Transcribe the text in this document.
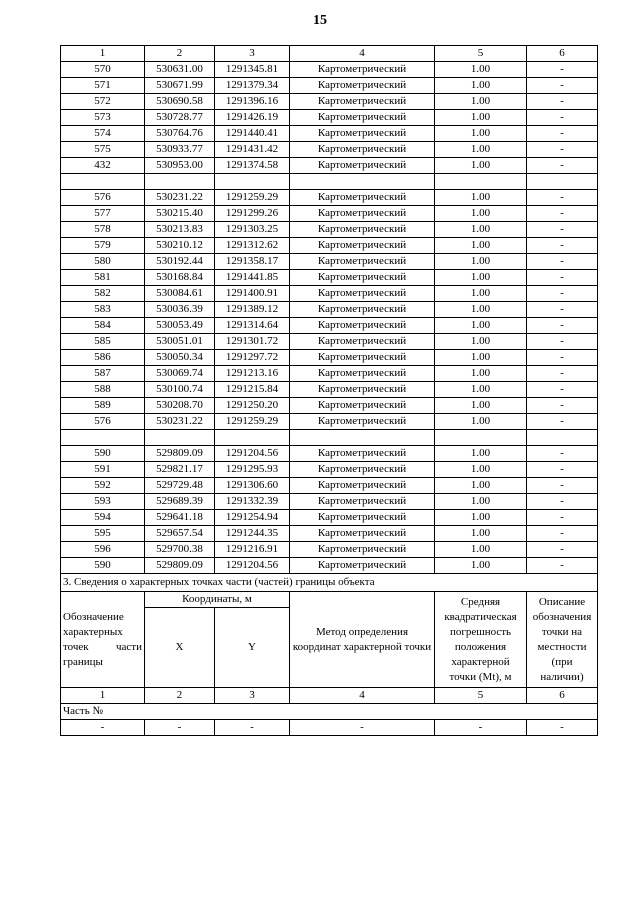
15
1	2	3	4	5	6
570	530631.00	1291345.81	Картометрический	1.00	-
571	530671.99	1291379.34	Картометрический	1.00	-
572	530690.58	1291396.16	Картометрический	1.00	-
573	530728.77	1291426.19	Картометрический	1.00	-
574	530764.76	1291440.41	Картометрический	1.00	-
575	530933.77	1291431.42	Картометрический	1.00	-
432	530953.00	1291374.58	Картометрический	1.00	-

576	530231.22	1291259.29	Картометрический	1.00	-
577	530215.40	1291299.26	Картометрический	1.00	-
578	530213.83	1291303.25	Картометрический	1.00	-
579	530210.12	1291312.62	Картометрический	1.00	-
580	530192.44	1291358.17	Картометрический	1.00	-
581	530168.84	1291441.85	Картометрический	1.00	-
582	530084.61	1291400.91	Картометрический	1.00	-
583	530036.39	1291389.12	Картометрический	1.00	-
584	530053.49	1291314.64	Картометрический	1.00	-
585	530051.01	1291301.72	Картометрический	1.00	-
586	530050.34	1291297.72	Картометрический	1.00	-
587	530069.74	1291213.16	Картометрический	1.00	-
588	530100.74	1291215.84	Картометрический	1.00	-
589	530208.70	1291250.20	Картометрический	1.00	-
576	530231.22	1291259.29	Картометрический	1.00	-

590	529809.09	1291204.56	Картометрический	1.00	-
591	529821.17	1291295.93	Картометрический	1.00	-
592	529729.48	1291306.60	Картометрический	1.00	-
593	529689.39	1291332.39	Картометрический	1.00	-
594	529641.18	1291254.94	Картометрический	1.00	-
595	529657.54	1291244.35	Картометрический	1.00	-
596	529700.38	1291216.91	Картометрический	1.00	-
590	529809.09	1291204.56	Картометрический	1.00	-
3. Сведения о характерных точках части (частей) границы объекта					
Обозначение характерных точек части границы	Координаты, м		Метод определения координат характерной точки	Средняя квадратическая погрешность положения характерной точки (Mt), м	Описание обозначения точки на местности (при наличии)
	X	Y			
1	2	3	4	5	6
Часть №					
-	-	-	-	-	-
